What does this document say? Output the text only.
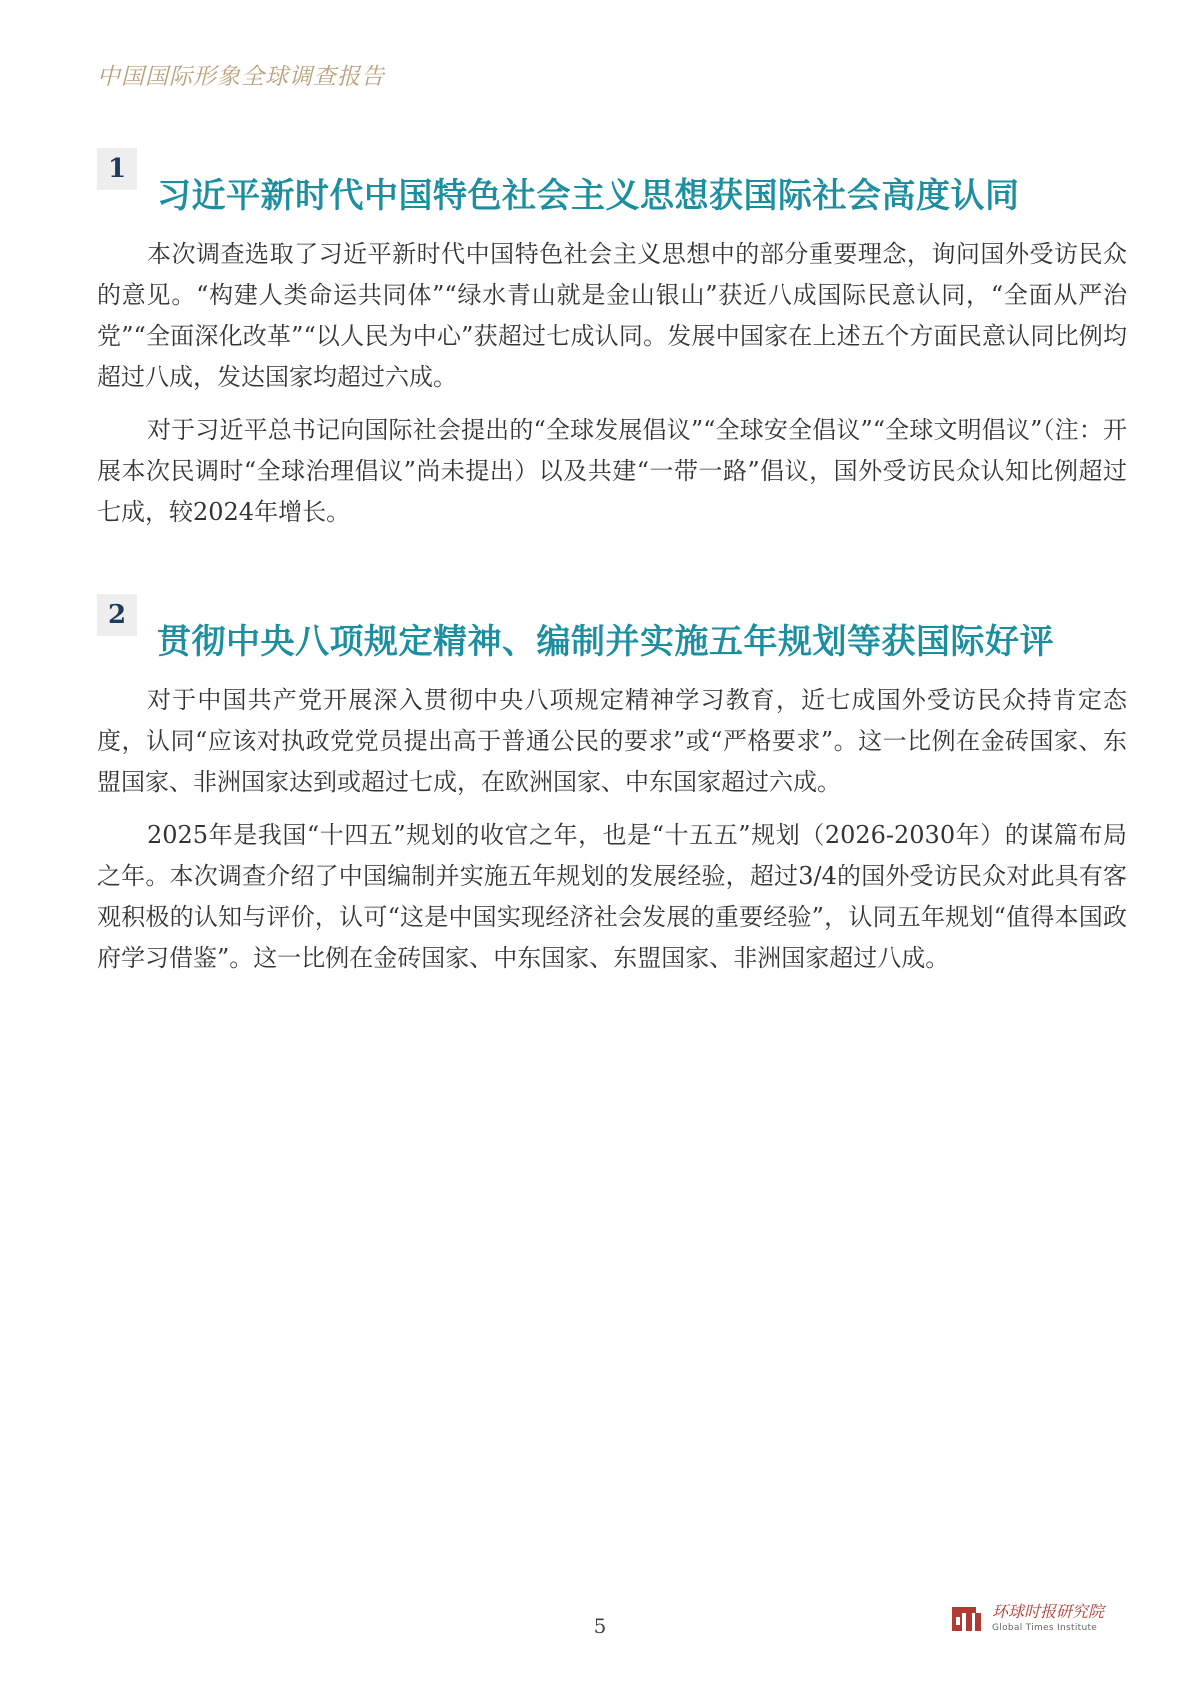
中国国际形象全球调查报告
1
习近平新时代中国特色社会主义思想获国际社会高度认同

本次调查选取了习近平新时代中国特色社会主义思想中的部分重要理念，询问国外受访民众的意见。“构建人类命运共同体”“绿水青山就是金山银山”获近八成国际民意认同，“全面从严治党”“全面深化改革”“以人民为中心”获超过七成认同。发展中国家在上述五个方面民意认同比例均超过八成，发达国家均超过六成。

对于习近平总书记向国际社会提出的“全球发展倡议”“全球安全倡议”“全球文明倡议”（注：开展本次民调时“全球治理倡议”尚未提出）以及共建“一带一路”倡议，国外受访民众认知比例超过七成，较2024年增长。

2
贯彻中央八项规定精神、编制并实施五年规划等获国际好评

对于中国共产党开展深入贯彻中央八项规定精神学习教育，近七成国外受访民众持肯定态度，认同“应该对执政党党员提出高于普通公民的要求”或“严格要求”。这一比例在金砖国家、东盟国家、非洲国家达到或超过七成，在欧洲国家、中东国家超过六成。

2025年是我国“十四五”规划的收官之年，也是“十五五”规划（2026-2030年）的谋篇布局之年。本次调查介绍了中国编制并实施五年规划的发展经验，超过3/4的国外受访民众对此具有客观积极的认知与评价，认可“这是中国实现经济社会发展的重要经验”，认同五年规划“值得本国政府学习借鉴”。这一比例在金砖国家、中东国家、东盟国家、非洲国家超过八成。

5
环球时报研究院
Global Times Institute
